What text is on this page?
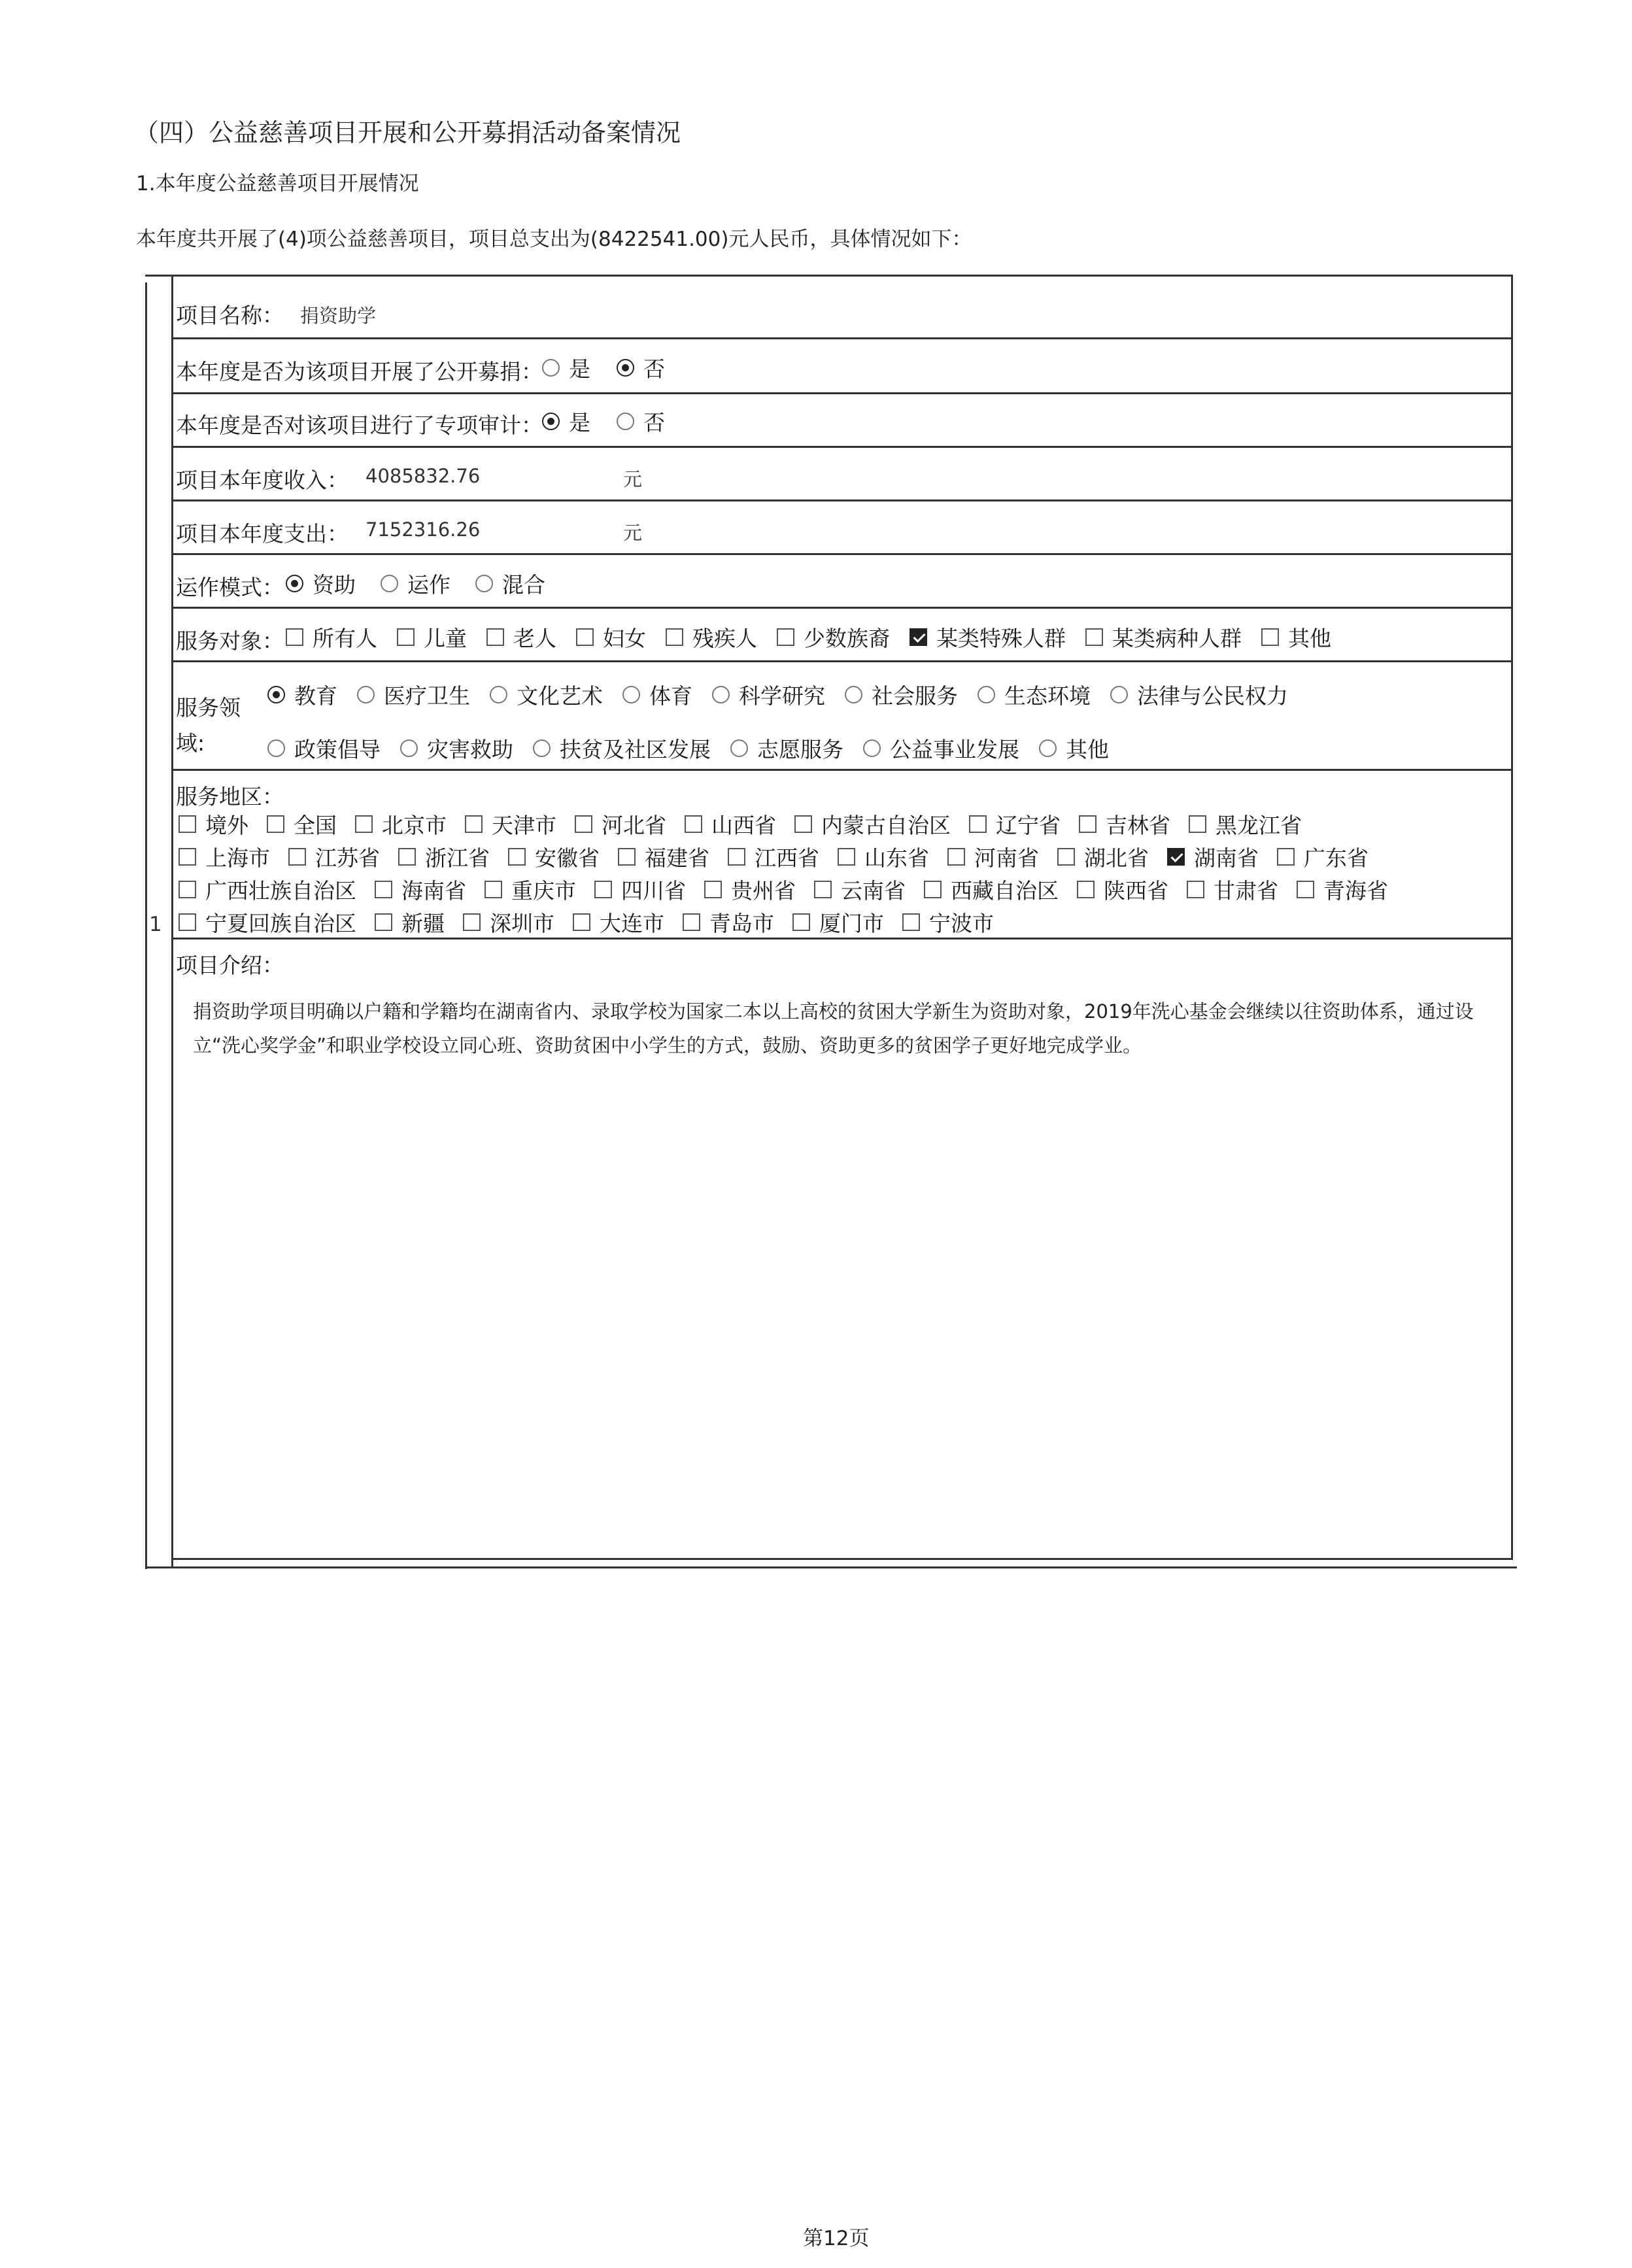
（四）公益慈善项目开展和公开募捐活动备案情况
1.本年度公益慈善项目开展情况
本年度共开展了(4)项公益慈善项目，项目总支出为(8422541.00)元人民币，具体情况如下：
1
项目名称： 捐资助学
本年度是否为该项目开展了公开募捐：	是 否
本年度是否对该项目进行了专项审计：	是 否
项目本年度收入： 4085832.76	元
项目本年度支出： 7152316.26	元
运作模式：	资助 运作 混合
服务对象：	所有人 儿童 老人 妇女 残疾人 少数族裔 某类特殊人群 某类病种人群 其他
服务领
域:
教育 医疗卫生 文化艺术 体育 科学研究 社会服务 生态环境 法律与公民权力
政策倡导 灾害救助 扶贫及社区发展 志愿服务 公益事业发展 其他
服务地区：
境外 全国 北京市 天津市 河北省 山西省 内蒙古自治区 辽宁省 吉林省 黑龙江省
上海市 江苏省 浙江省 安徽省 福建省 江西省 山东省 河南省 湖北省 湖南省 广东省
广西壮族自治区 海南省 重庆市 四川省 贵州省 云南省 西藏自治区 陕西省 甘肃省 青海省
宁夏回族自治区 新疆 深圳市 大连市 青岛市 厦门市 宁波市
项目介绍：
捐资助学项目明确以户籍和学籍均在湖南省内、录取学校为国家二本以上高校的贫困大学新生为资助对象，2019年洗心基金会继续以往资助体系，通过设立“洗心奖学金”和职业学校设立同心班、资助贫困中小学生的方式，鼓励、资助更多的贫困学子更好地完成学业。
第12页
